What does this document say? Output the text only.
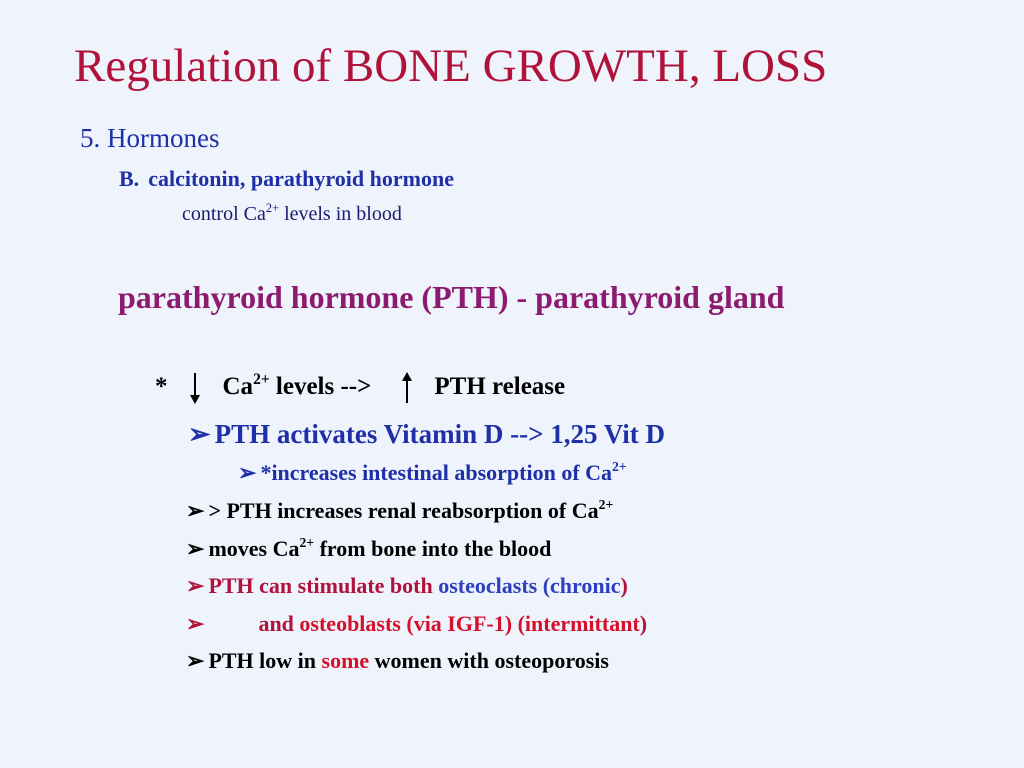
Regulation of BONE GROWTH, LOSS
5. Hormones
B. calcitonin, parathyroid hormone
control $Ca^{2+}$ levels in blood
parathyroid hormone (PTH) - parathyroid gland
* $Ca^{2+}$ levels -->	PTH release
➢ PTH activates Vitamin D --> 1,25 Vit D
➢ *increases intestinal absorption of $Ca^{2+}$
➢ > PTH increases renal reabsorption of $Ca^{2+}$
➢ moves $Ca^{2+}$ from bone into the blood
➢ PTH can stimulate both osteoclasts (chronic)
➢ and osteoblasts (via IGF-1) (intermittant)
➢ PTH low in some women with osteoporosis
